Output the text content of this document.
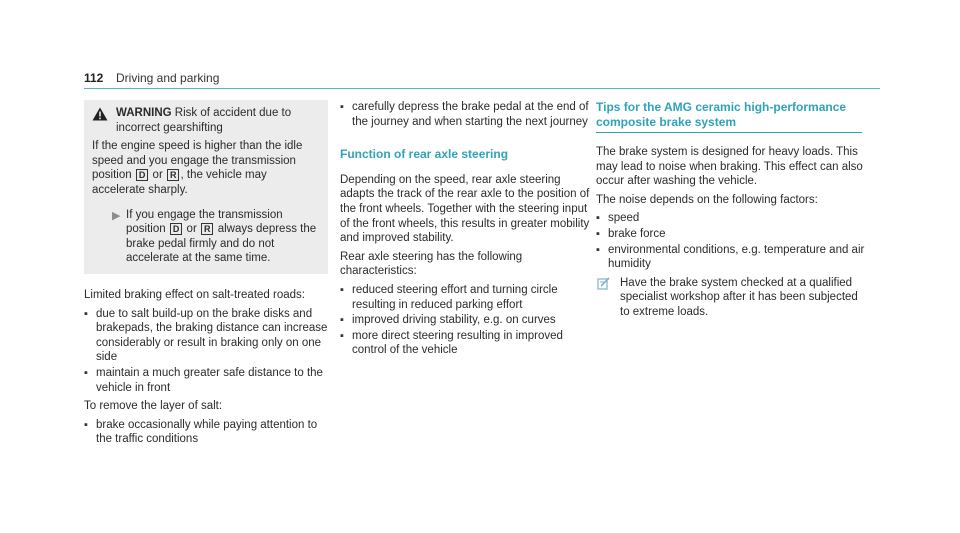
112 Driving and parking
WARNING Risk of accident due to incorrect gearshifting
If the engine speed is higher than the idle speed and you engage the transmission position D or R , the vehicle may accelerate sharply.
▶ If you engage the transmission position D or R always depress the brake pedal firmly and do not accelerate at the same time.

Limited braking effect on salt-treated roads:

▪
due to salt build-up on the brake disks and brakepads, the braking distance can increase considerably or result in braking only on one side
▪
maintain a much greater safe distance to the vehicle in front

To remove the layer of salt:

▪
brake occasionally while paying attention to the traffic conditions
▪
carefully depress the brake pedal at the end of the journey and when starting the next journey
Function of rear axle steering

Depending on the speed, rear axle steering adapts the track of the rear axle to the position of the front wheels. Together with the steering input of the front wheels, this results in greater mobility and improved stability.

Rear axle steering has the following characteristics:

▪
reduced steering effort and turning circle resulting in reduced parking effort
▪
improved driving stability, e.g. on curves
▪
more direct steering resulting in improved control of the vehicle
Tips for the AMG ceramic high-performance composite brake system

The brake system is designed for heavy loads. This may lead to noise when braking. This effect can also occur after washing the vehicle.

The noise depends on the following factors:

▪
speed
▪
brake force
▪
environmental conditions, e.g. temperature and air humidity
Have the brake system checked at a qualified specialist workshop after it has been subjected to extreme loads.
